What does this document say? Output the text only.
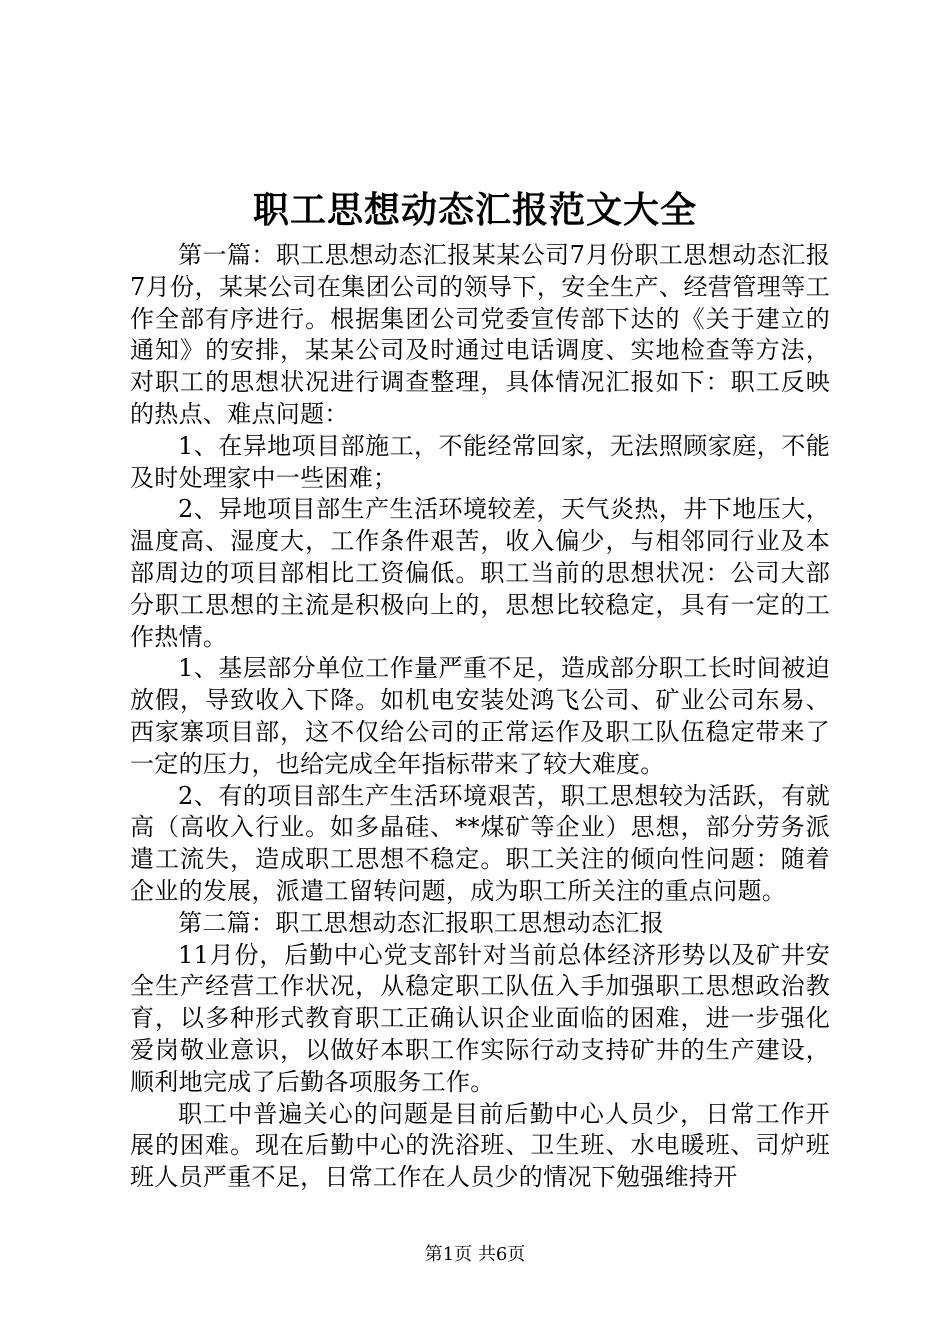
职工思想动态汇报范文大全

第一篇：职工思想动态汇报某某公司7月份职工思想动态汇报7月份，某某公司在集团公司的领导下，安全生产、经营管理等工作全部有序进行。根据集团公司党委宣传部下达的《关于建立的通知》的安排，某某公司及时通过电话调度、实地检查等方法，对职工的思想状况进行调查整理，具体情况汇报如下：职工反映的热点、难点问题：

1、在异地项目部施工，不能经常回家，无法照顾家庭，不能及时处理家中一些困难；

2、异地项目部生产生活环境较差，天气炎热，井下地压大，温度高、湿度大，工作条件艰苦，收入偏少，与相邻同行业及本部周边的项目部相比工资偏低。职工当前的思想状况：公司大部分职工思想的主流是积极向上的，思想比较稳定，具有一定的工作热情。

1、基层部分单位工作量严重不足，造成部分职工长时间被迫放假，导致收入下降。如机电安装处鸿飞公司、矿业公司东易、西家寨项目部，这不仅给公司的正常运作及职工队伍稳定带来了一定的压力，也给完成全年指标带来了较大难度。

2、有的项目部生产生活环境艰苦，职工思想较为活跃，有就高（高收入行业。如多晶硅、**煤矿等企业）思想，部分劳务派遣工流失，造成职工思想不稳定。职工关注的倾向性问题：随着企业的发展，派遣工留转问题，成为职工所关注的重点问题。

第二篇：职工思想动态汇报职工思想动态汇报

11月份，后勤中心党支部针对当前总体经济形势以及矿井安全生产经营工作状况，从稳定职工队伍入手加强职工思想政治教育，以多种形式教育职工正确认识企业面临的困难，进一步强化爱岗敬业意识，以做好本职工作实际行动支持矿井的生产建设，顺利地完成了后勤各项服务工作。

职工中普遍关心的问题是目前后勤中心人员少，日常工作开展的困难。现在后勤中心的洗浴班、卫生班、水电暖班、司炉班班人员严重不足，日常工作在人员少的情况下勉强维持开

第1页 共6页
